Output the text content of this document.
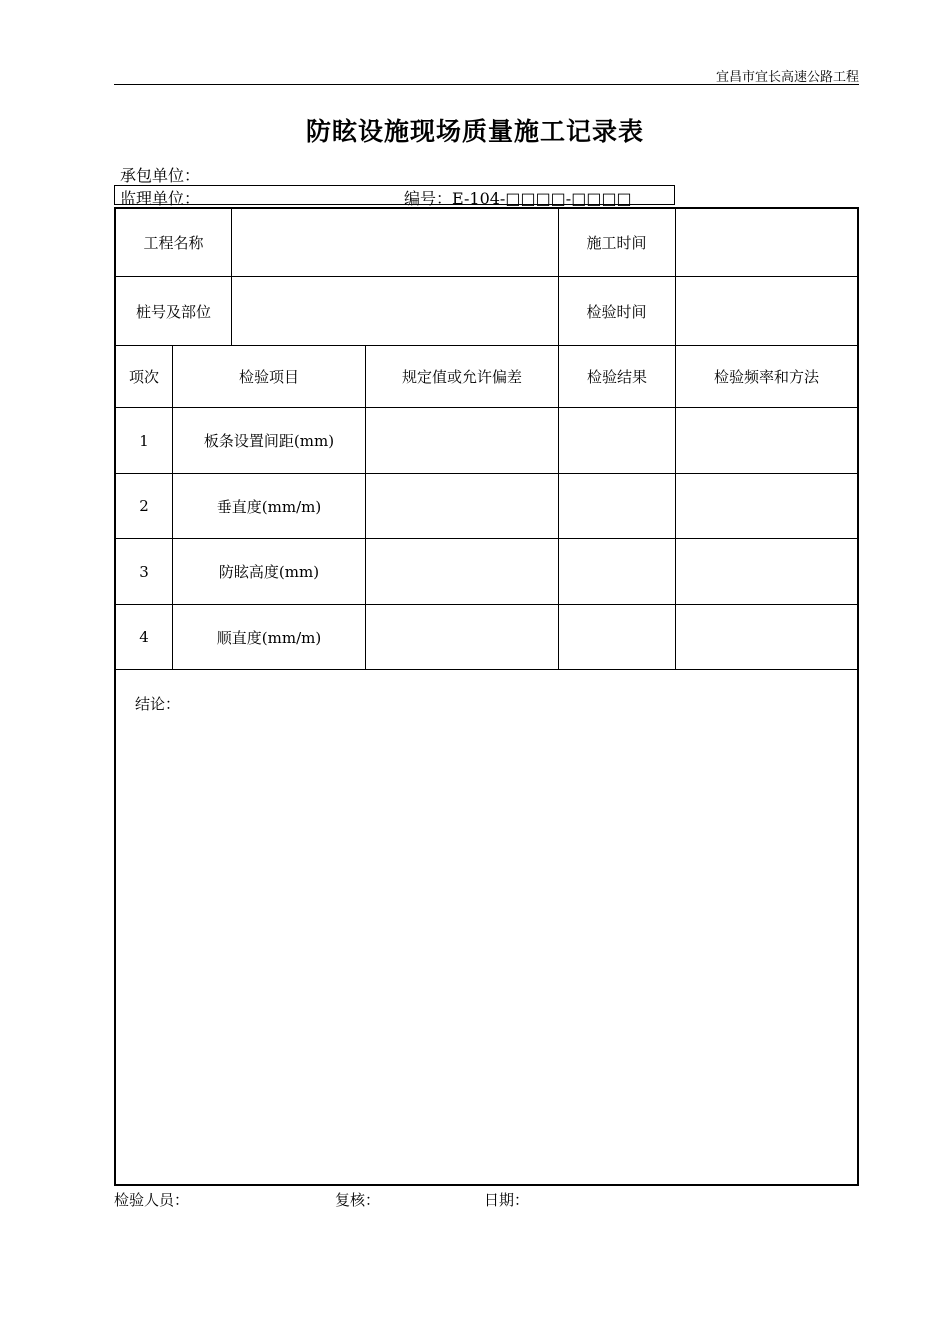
宜昌市宜长高速公路工程
防眩设施现场质量施工记录表
承包单位：
监理单位：	编号：E-104-□□□□-□□□□
工程名称	施工时间
桩号及部位	检验时间
项次	检验项目	规定值或允许偏差	检验结果	检验频率和方法
1	板条设置间距(mm)
2	垂直度(mm/m)
3	防眩高度(mm)
4	顺直度(mm/m)
结论：
检验人员：	复核：	日期：
